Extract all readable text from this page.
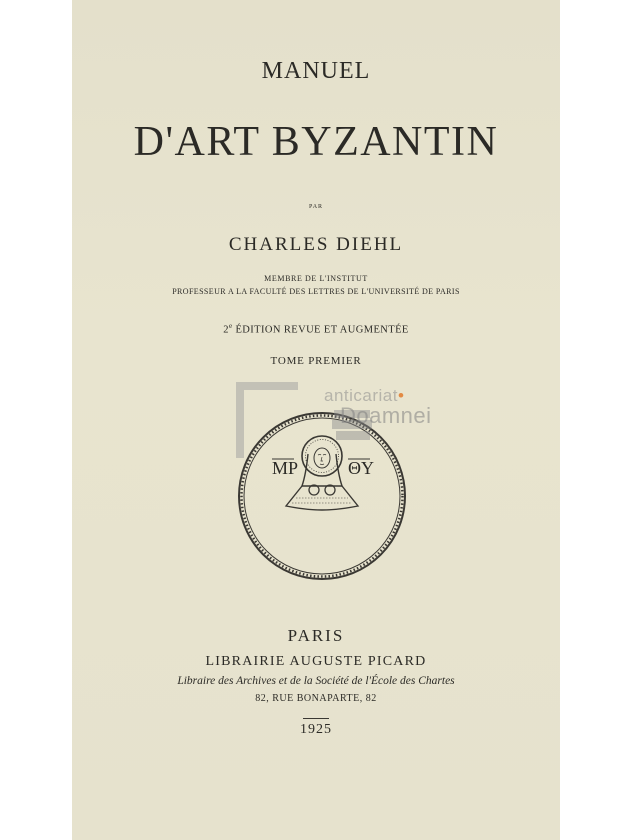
MANUEL
D'ART BYZANTIN
par
CHARLES DIEHL
MEMBRE DE L'INSTITUT
PROFESSEUR A LA FACULTÉ DES LETTRES DE L'UNIVERSITÉ DE PARIS
2e ÉDITION REVUE ET AUGMENTÉE
TOME PREMIER
MP	ΘY
anticariat•
Doamnei
PARIS
LIBRAIRIE AUGUSTE PICARD
Libraire des Archives et de la Société de l'École des Chartes
82, RUE BONAPARTE, 82
1925
